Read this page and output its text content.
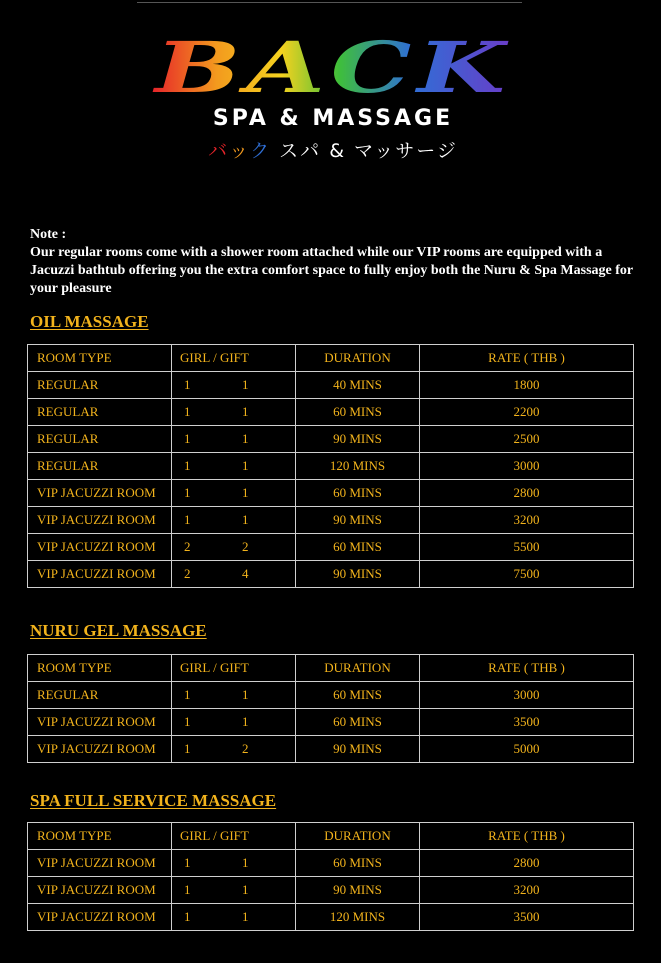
BACK
SPA & MASSAGE
バック スパ & マッサージ
Note :
Our regular rooms come with a shower room attached while our VIP rooms are equipped with a Jacuzzi bathtub offering you the extra comfort space to fully enjoy both the Nuru & Spa Massage for your pleasure
OIL MASSAGE
ROOM TYPE	GIRL / GIFT	DURATION	RATE ( THB )
REGULAR	1 1	40 MINS	1800
REGULAR	1 1	60 MINS	2200
REGULAR	1 1	90 MINS	2500
REGULAR	1 1	120 MINS	3000
VIP JACUZZI ROOM	1 1	60 MINS	2800
VIP JACUZZI ROOM	1 1	90 MINS	3200
VIP JACUZZI ROOM	2 2	60 MINS	5500
VIP JACUZZI ROOM	2 4	90 MINS	7500
NURU GEL MASSAGE
ROOM TYPE	GIRL / GIFT	DURATION	RATE ( THB )
REGULAR	1 1	60 MINS	3000
VIP JACUZZI ROOM	1 1	60 MINS	3500
VIP JACUZZI ROOM	1 2	90 MINS	5000
SPA FULL SERVICE MASSAGE
ROOM TYPE	GIRL / GIFT	DURATION	RATE ( THB )
VIP JACUZZI ROOM	1 1	60 MINS	2800
VIP JACUZZI ROOM	1 1	90 MINS	3200
VIP JACUZZI ROOM	1 1	120 MINS	3500
